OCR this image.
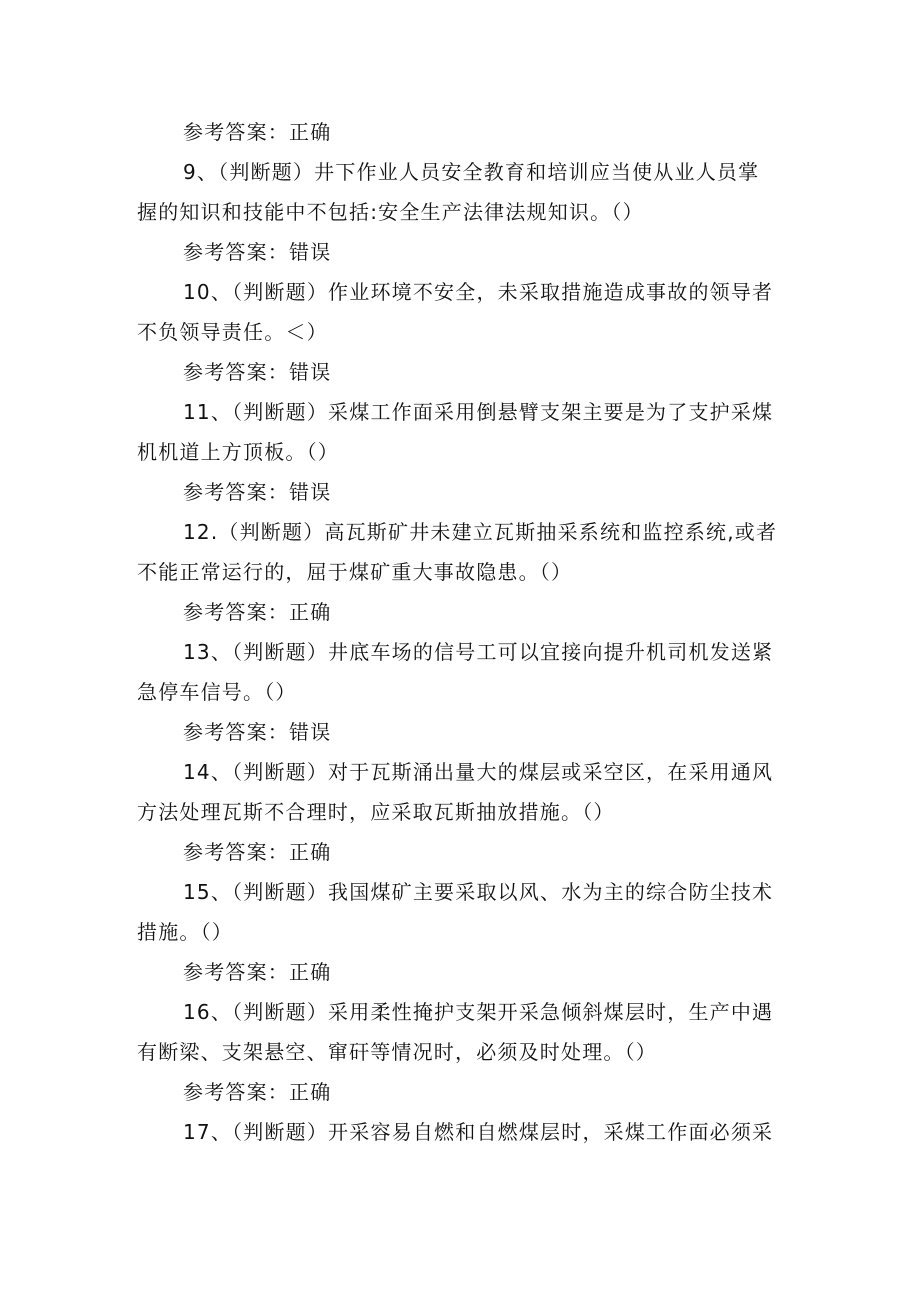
参考答案：正确
9、（判断题）井下作业人员安全教育和培训应当使从业人员掌
握的知识和技能中不包括:安全生产法律法规知识。（）
参考答案：错误
10、（判断题）作业环境不安全，未采取措施造成事故的领导者
不负领导责任。＜）
参考答案：错误
11、（判断题）采煤工作面采用倒悬臂支架主要是为了支护采煤
机机道上方顶板。（）
参考答案：错误
12.（判断题）高瓦斯矿井未建立瓦斯抽采系统和监控系统,或者
不能正常运行的，屈于煤矿重大事故隐患。（）
参考答案：正确
13、（判断题）井底车场的信号工可以宜接向提升机司机发送紧
急停车信号。（）
参考答案：错误
14、（判断题）对于瓦斯涌出量大的煤层或采空区，在采用通风
方法处理瓦斯不合理时，应采取瓦斯抽放措施。（）
参考答案：正确
15、（判断题）我国煤矿主要采取以风、水为主的综合防尘技术
措施。（）
参考答案：正确
16、（判断题）采用柔性掩护支架开采急倾斜煤层时，生产中遇
有断梁、支架悬空、窜矸等情况时，必须及时处理。（）
参考答案：正确
17、（判断题）开采容易自燃和自燃煤层时，采煤工作面必须采
